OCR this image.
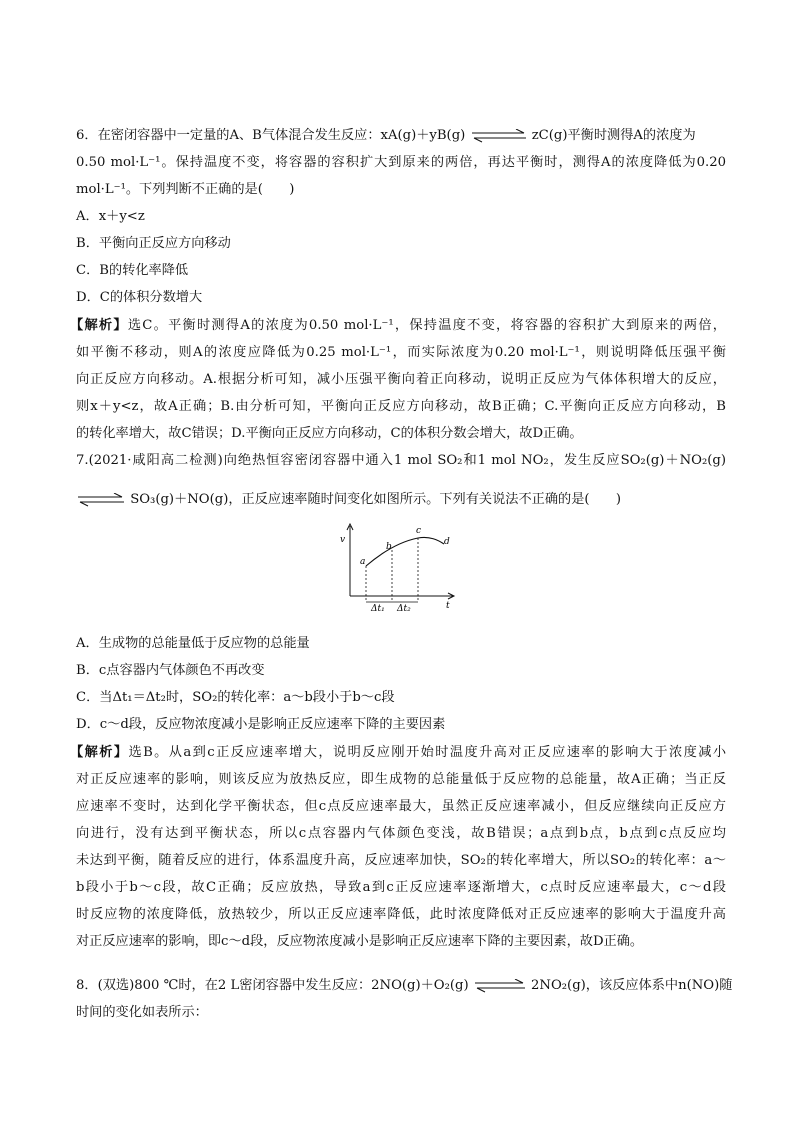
6．在密闭容器中一定量的A、B气体混合发生反应：xA(g)＋yB(g)	zC(g)平衡时测得A的浓度为
0.50 mol·L⁻¹。保持温度不变，将容器的容积扩大到原来的两倍，再达平衡时，测得A的浓度降低为0.20
mol·L⁻¹。下列判断不正确的是(　　)
A．x＋y<z
B．平衡向正反应方向移动
C．B的转化率降低
D．C的体积分数增大
【解析】选C。平衡时测得A的浓度为0.50 mol·L⁻¹，保持温度不变，将容器的容积扩大到原来的两倍，
如平衡不移动，则A的浓度应降低为0.25 mol·L⁻¹，而实际浓度为0.20 mol·L⁻¹，则说明降低压强平衡
向正反应方向移动。A.根据分析可知，减小压强平衡向着正向移动，说明正反应为气体体积增大的反应，
则x＋y<z，故A正确；B.由分析可知，平衡向正反应方向移动，故B正确；C.平衡向正反应方向移动，B
的转化率增大，故C错误；D.平衡向正反应方向移动，C的体积分数会增大，故D正确。
7.(2021·咸阳高二检测)向绝热恒容密闭容器中通入1 mol SO₂和1 mol NO₂，发生反应SO₂(g)＋NO₂(g)
⇌ SO₃(g)＋NO(g)，正反应速率随时间变化如图所示。下列有关说法不正确的是(　　)
v
t
a
b
c
d
Δt₁ Δt₂
A．生成物的总能量低于反应物的总能量
B．c点容器内气体颜色不再改变
C．当Δt₁＝Δt₂时，SO₂的转化率：a～b段小于b～c段
D．c～d段，反应物浓度减小是影响正反应速率下降的主要因素
【解析】选B。从a到c正反应速率增大，说明反应刚开始时温度升高对正反应速率的影响大于浓度减小
对正反应速率的影响，则该反应为放热反应，即生成物的总能量低于反应物的总能量，故A正确；当正反
应速率不变时，达到化学平衡状态，但c点反应速率最大，虽然正反应速率减小，但反应继续向正反应方
向进行，没有达到平衡状态，所以c点容器内气体颜色变浅，故B错误；a点到b点，b点到c点反应均
未达到平衡，随着反应的进行，体系温度升高，反应速率加快，SO₂的转化率增大，所以SO₂的转化率：a～
b段小于b～c段，故C正确；反应放热，导致a到c正反应速率逐渐增大，c点时反应速率最大，c～d段
时反应物的浓度降低，放热较少，所以正反应速率降低，此时浓度降低对正反应速率的影响大于温度升高
对正反应速率的影响，即c～d段，反应物浓度减小是影响正反应速率下降的主要因素，故D正确。
8．(双选)800 ℃时，在2 L密闭容器中发生反应：2NO(g)＋O₂(g)	2NO₂(g)，该反应体系中n(NO)随
时间的变化如表所示：
